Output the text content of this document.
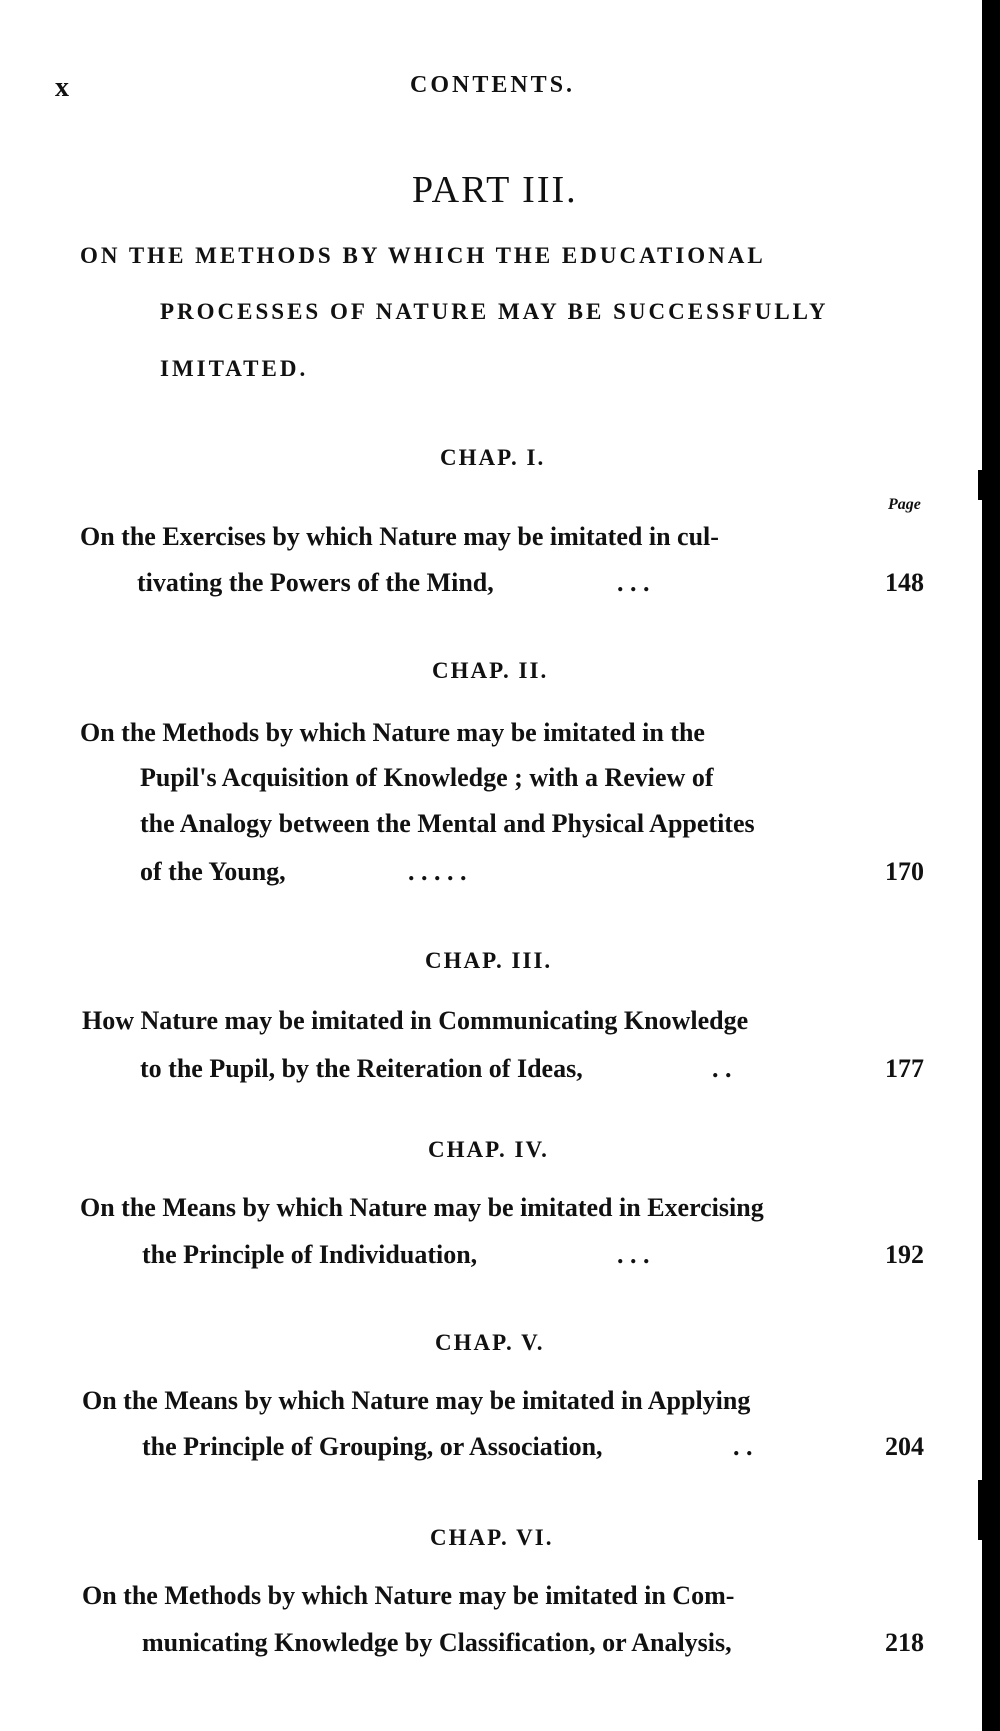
x	CONTENTS.
PART III.
ON THE METHODS BY WHICH THE EDUCATIONAL
PROCESSES OF NATURE MAY BE SUCCESSFULLY
IMITATED.
CHAP. I.
Page
On the Exercises by which Nature may be imitated in cul-
tivating the Powers of the Mind,	. . .	148
CHAP. II.
On the Methods by which Nature may be imitated in the
Pupil's Acquisition of Knowledge ; with a Review of
the Analogy between the Mental and Physical Appetites
of the Young,	. . . . .	170
CHAP. III.
How Nature may be imitated in Communicating Knowledge
to the Pupil, by the Reiteration of Ideas,	. .	177
CHAP. IV.
On the Means by which Nature may be imitated in Exercising
the Principle of Individuation,	. . .	192
CHAP. V.
On the Means by which Nature may be imitated in Applying
the Principle of Grouping, or Association,	. .	204
CHAP. VI.
On the Methods by which Nature may be imitated in Com-
municating Knowledge by Classification, or Analysis,	218
